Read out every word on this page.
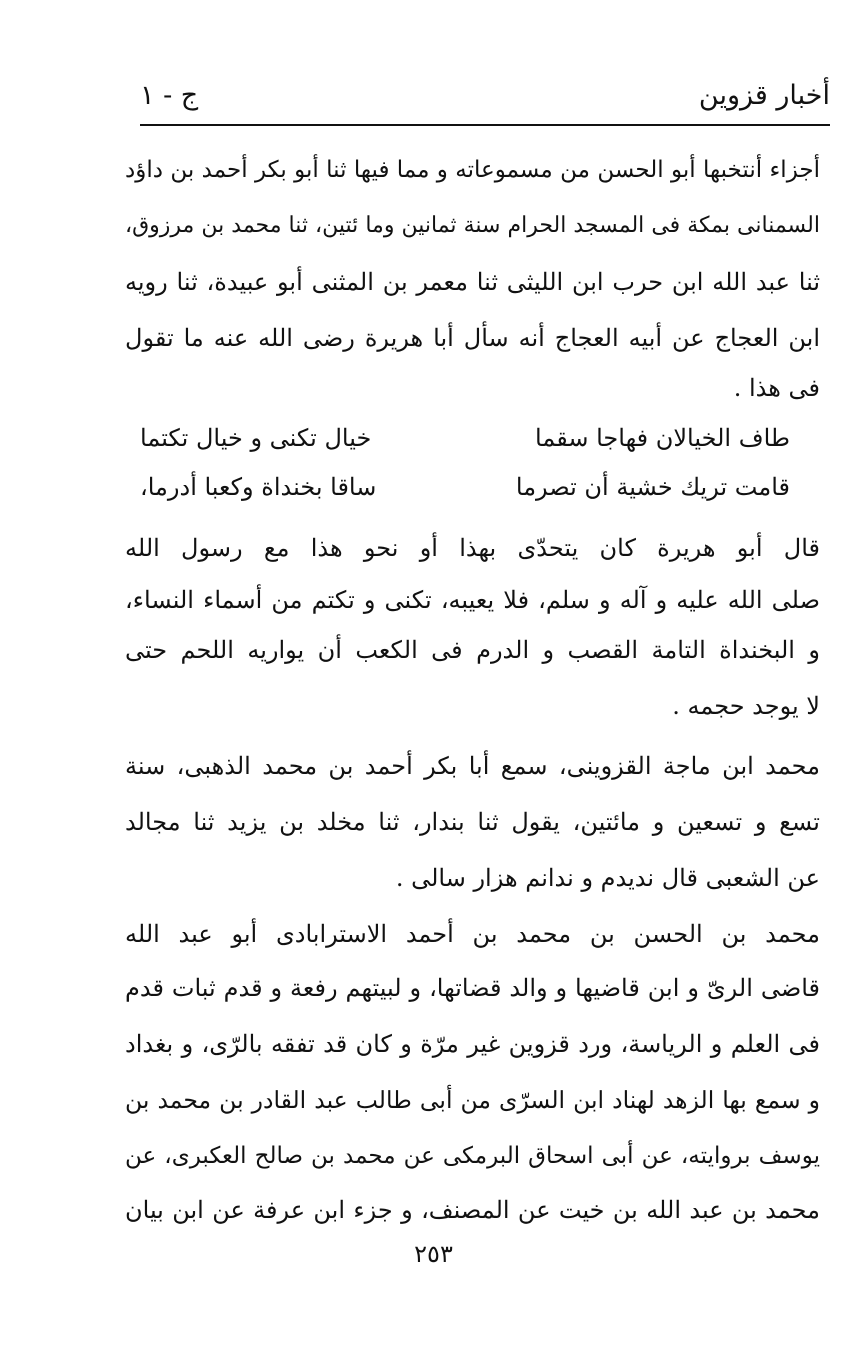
أخبار قزوين
ج - ١
أجزاء أنتخبها أبو الحسن من مسموعاته و مما فيها ثنا أبو بكر أحمد بن داؤد
السمنانى بمكة فى المسجد الحرام سنة ثمانين وما ئتين، ثنا محمد بن مرزوق،
ثنا عبد الله ابن حرب ابن الليثى ثنا معمر بن المثنى أبو عبيدة، ثنا رويه
ابن العجاج عن أبيه العجاج أنه سأل أبا هريرة رضى الله عنه ما تقول
فى هذا .
طاف الخيالان فهاجا سقما
خيال تكنى و خيال تكتما
قامت تريك خشية أن تصرما
ساقا بخنداة وكعبا أدرما،
قال أبو هريرة كان يتحدّى بهذا أو نحو هذا مع رسول الله
صلى الله عليه و آله و سلم، فلا يعيبه، تكنى و تكتم من أسماء النساء،
و البخنداة التامة القصب و الدرم فى الكعب أن يواريه اللحم حتى
لا يوجد حجمه .
محمد ابن ماجة القزوينى، سمع أبا بكر أحمد بن محمد الذهبى، سنة
تسع و تسعين و مائتين، يقول ثنا بندار، ثنا مخلد بن يزيد ثنا مجالد
عن الشعبى قال نديدم و ندانم هزار سالى .
محمد بن الحسن بن محمد بن أحمد الاسترابادى أبو عبد الله
قاضى الرىّ و ابن قاضيها و والد قضاتها، و لبيتهم رفعة و قدم ثبات قدم
فى العلم و الرياسة، ورد قزوين غير مرّة و كان قد تفقه بالرّى، و بغداد
و سمع بها الزهد لهناد ابن السرّى من أبى طالب عبد القادر بن محمد بن
يوسف بروايته، عن أبى اسحاق البرمكى عن محمد بن صالح العكبرى، عن
محمد بن عبد الله بن خيت عن المصنف، و جزء ابن عرفة عن ابن بيان
٢٥٣
